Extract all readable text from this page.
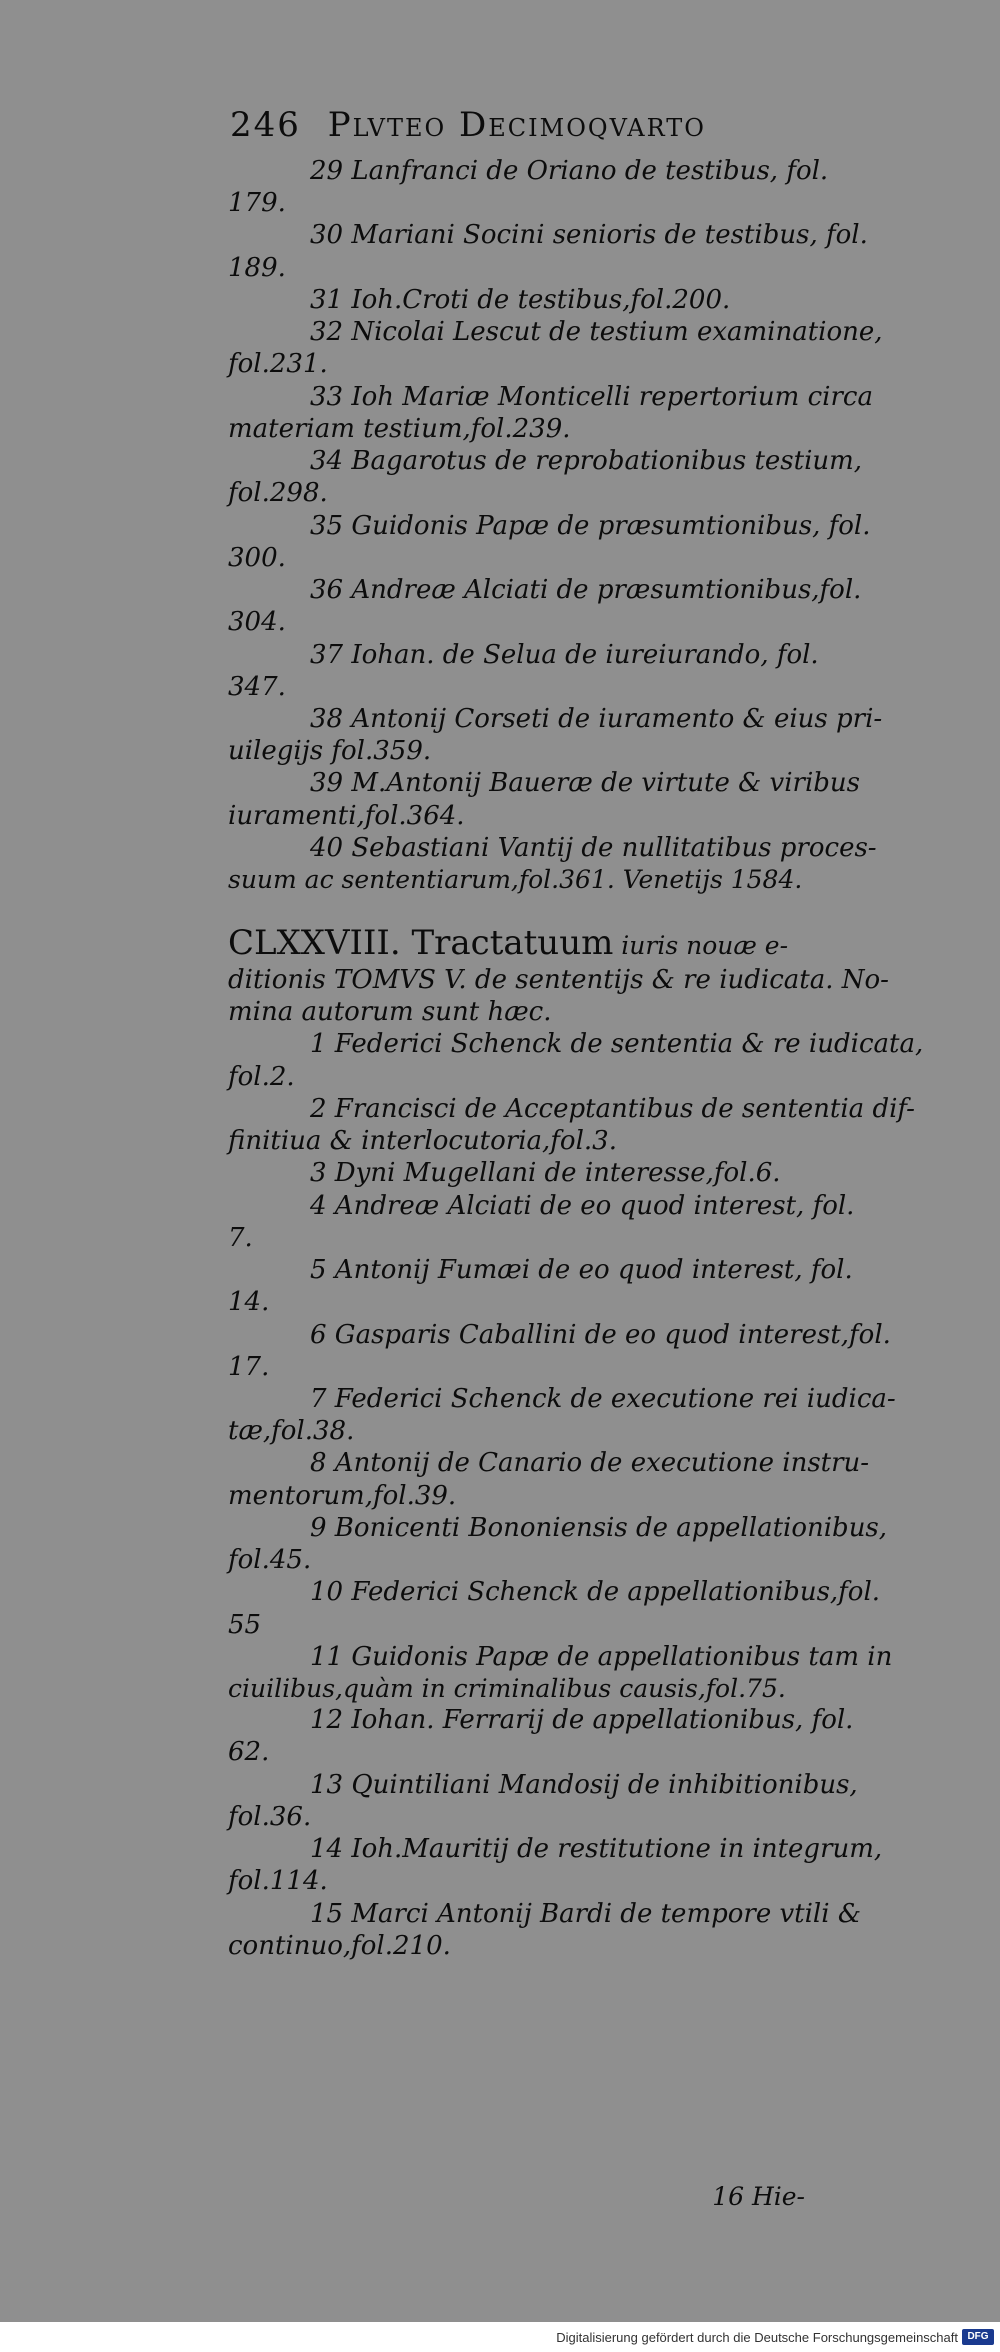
246 Plvteo Decimoqvarto
29 Lanfranci de Oriano de testibus, fol.
179.
30 Mariani Socini senioris de testibus, fol.
189.
31 Ioh.Croti de testibus,fol.200.
32 Nicolai Lescut de testium examinatione,
fol.231.
33 Ioh Mariæ Monticelli repertorium circa
materiam testium,fol.239.
34 Bagarotus de reprobationibus testium,
fol.298.
35 Guidonis Papæ de præsumtionibus, fol.
300.
36 Andreæ Alciati de præsumtionibus,fol.
304.
37 Iohan. de Selua de iureiurando, fol.
347.
38 Antonij Corseti de iuramento & eius pri-
uilegijs fol.359.
39 M.Antonij Baueræ de virtute & viribus
iuramenti,fol.364.
40 Sebastiani Vantij de nullitatibus proces-
suum ac sententiarum,fol.361. Venetijs 1584.
CLXXVIII. Tractatuum iuris nouæ e-
ditionis TOMVS V. de sententijs & re iudicata. No-
mina autorum sunt hæc.
1 Federici Schenck de sententia & re iudicata,
fol.2.
2 Francisci de Acceptantibus de sententia dif-
finitiua & interlocutoria,fol.3.
3 Dyni Mugellani de interesse,fol.6.
4 Andreæ Alciati de eo quod interest, fol.
7.
5 Antonij Fumæi de eo quod interest, fol.
14.
6 Gasparis Caballini de eo quod interest,fol.
17.
7 Federici Schenck de executione rei iudica-
tæ,fol.38.
8 Antonij de Canario de executione instru-
mentorum,fol.39.
9 Bonicenti Bononiensis de appellationibus,
fol.45.
10 Federici Schenck de appellationibus,fol.
55
11 Guidonis Papæ de appellationibus tam in
ciuilibus,quàm in criminalibus causis,fol.75.
12 Iohan. Ferrarij de appellationibus, fol.
62.
13 Quintiliani Mandosij de inhibitionibus,
fol.36.
14 Ioh.Mauritij de restitutione in integrum,
fol.114.
15 Marci Antonij Bardi de tempore vtili &
continuo,fol.210.
16 Hie-
Digitalisierung gefördert durch die Deutsche Forschungsgemeinschaft DFG
